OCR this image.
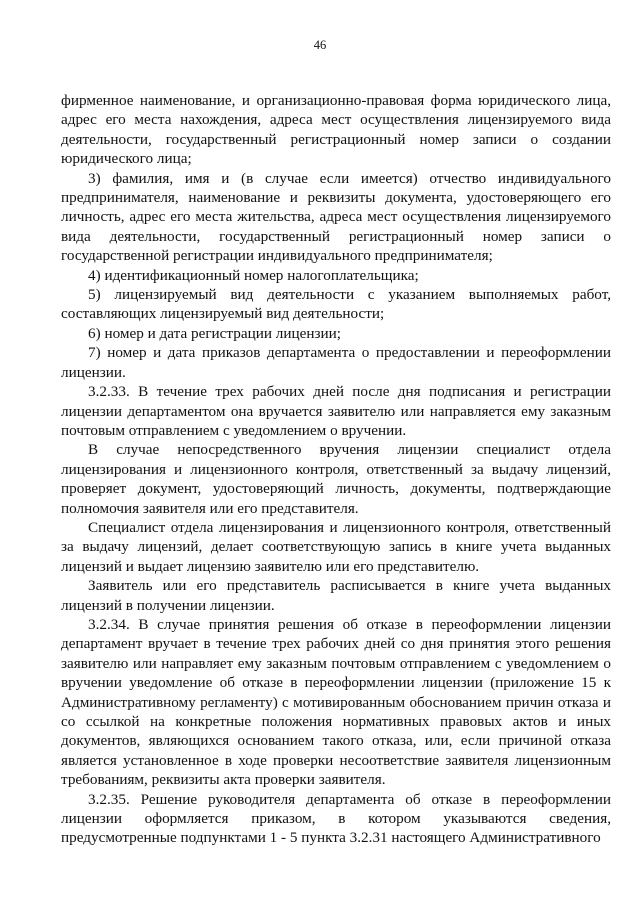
46

фирменное наименование, и организационно-правовая форма юридического лица, адрес его места нахождения, адреса мест осуществления лицензируемого вида деятельности, государственный регистрационный номер записи о создании юридического лица;

3) фамилия, имя и (в случае если имеется) отчество индивидуального предпринимателя, наименование и реквизиты документа, удостоверяющего его личность, адрес его места жительства, адреса мест осуществления лицензируемого вида деятельности, государственный регистрационный номер записи о государственной регистрации индивидуального предпринимателя;

4) идентификационный номер налогоплательщика;

5) лицензируемый вид деятельности с указанием выполняемых работ, составляющих лицензируемый вид деятельности;

6) номер и дата регистрации лицензии;

7) номер и дата приказов департамента о предоставлении и переоформлении лицензии.

3.2.33. В течение трех рабочих дней после дня подписания и регистрации лицензии департаментом она вручается заявителю или направляется ему заказным почтовым отправлением с уведомлением о вручении.

В случае непосредственного вручения лицензии специалист отдела лицензирования и лицензионного контроля, ответственный за выдачу лицензий, проверяет документ, удостоверяющий личность, документы, подтверждающие полномочия заявителя или его представителя.

Специалист отдела лицензирования и лицензионного контроля, ответственный за выдачу лицензий, делает соответствующую запись в книге учета выданных лицензий и выдает лицензию заявителю или его представителю.

Заявитель или его представитель расписывается в книге учета выданных лицензий в получении лицензии.

3.2.34. В случае принятия решения об отказе в переоформлении лицензии департамент вручает в течение трех рабочих дней со дня принятия этого решения заявителю или направляет ему заказным почтовым отправлением с уведомлением о вручении уведомление об отказе в переоформлении лицензии (приложение 15 к Административному регламенту) с мотивированным обоснованием причин отказа и со ссылкой на конкретные положения нормативных правовых актов и иных документов, являющихся основанием такого отказа, или, если причиной отказа является установленное в ходе проверки несоответствие заявителя лицензионным требованиям, реквизиты акта проверки заявителя.

3.2.35. Решение руководителя департамента об отказе в переоформлении лицензии оформляется приказом, в котором указываются сведения, предусмотренные подпунктами 1 - 5 пункта 3.2.31 настоящего Административного
